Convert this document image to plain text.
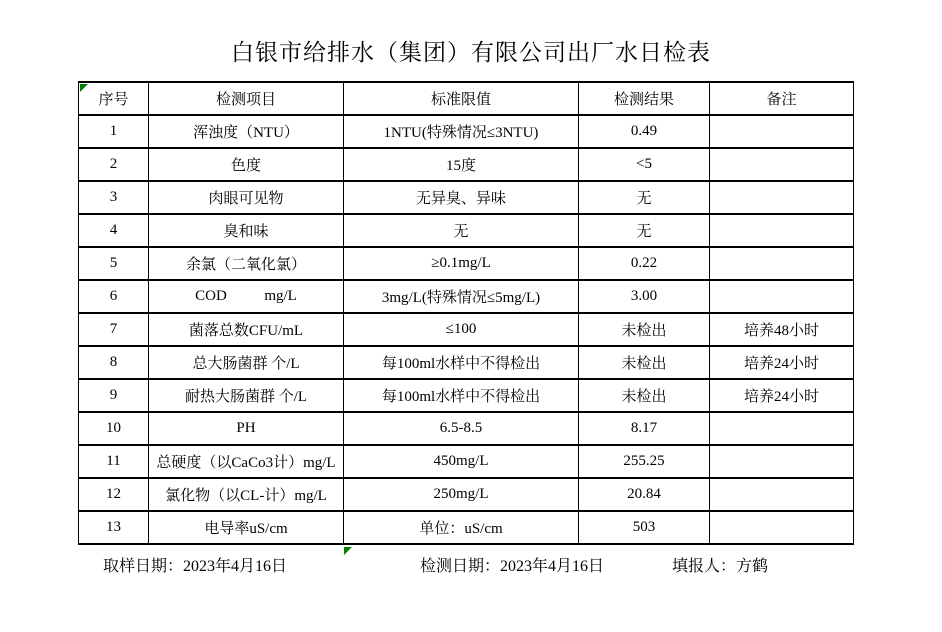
白银市给排水（集团）有限公司出厂水日检表
序号	检测项目	标准限值	检测结果	备注
1	浑浊度（NTU）	1NTU(特殊情况≤3NTU)	0.49	
2	色度	15度	<5	
3	肉眼可见物	无异臭、异味	无	
4	臭和味	无	无	
5	余氯（二氧化氯）	≥0.1mg/L	0.22	
6	COD          mg/L	3mg/L(特殊情况≤5mg/L)	3.00	
7	菌落总数CFU/mL	≤100	未检出	培养48小时
8	总大肠菌群 个/L	每100ml水样中不得检出	未检出	培养24小时
9	耐热大肠菌群 个/L	每100ml水样中不得检出	未检出	培养24小时
10	PH	6.5-8.5	8.17	
11	总硬度（以CaCo3计）mg/L	450mg/L	255.25	
12	氯化物（以CL-计）mg/L	250mg/L	20.84	
13	电导率uS/cm	单位：uS/cm	503	
取样日期：2023年4月16日	检测日期：2023年4月16日	填报人：方鹤
